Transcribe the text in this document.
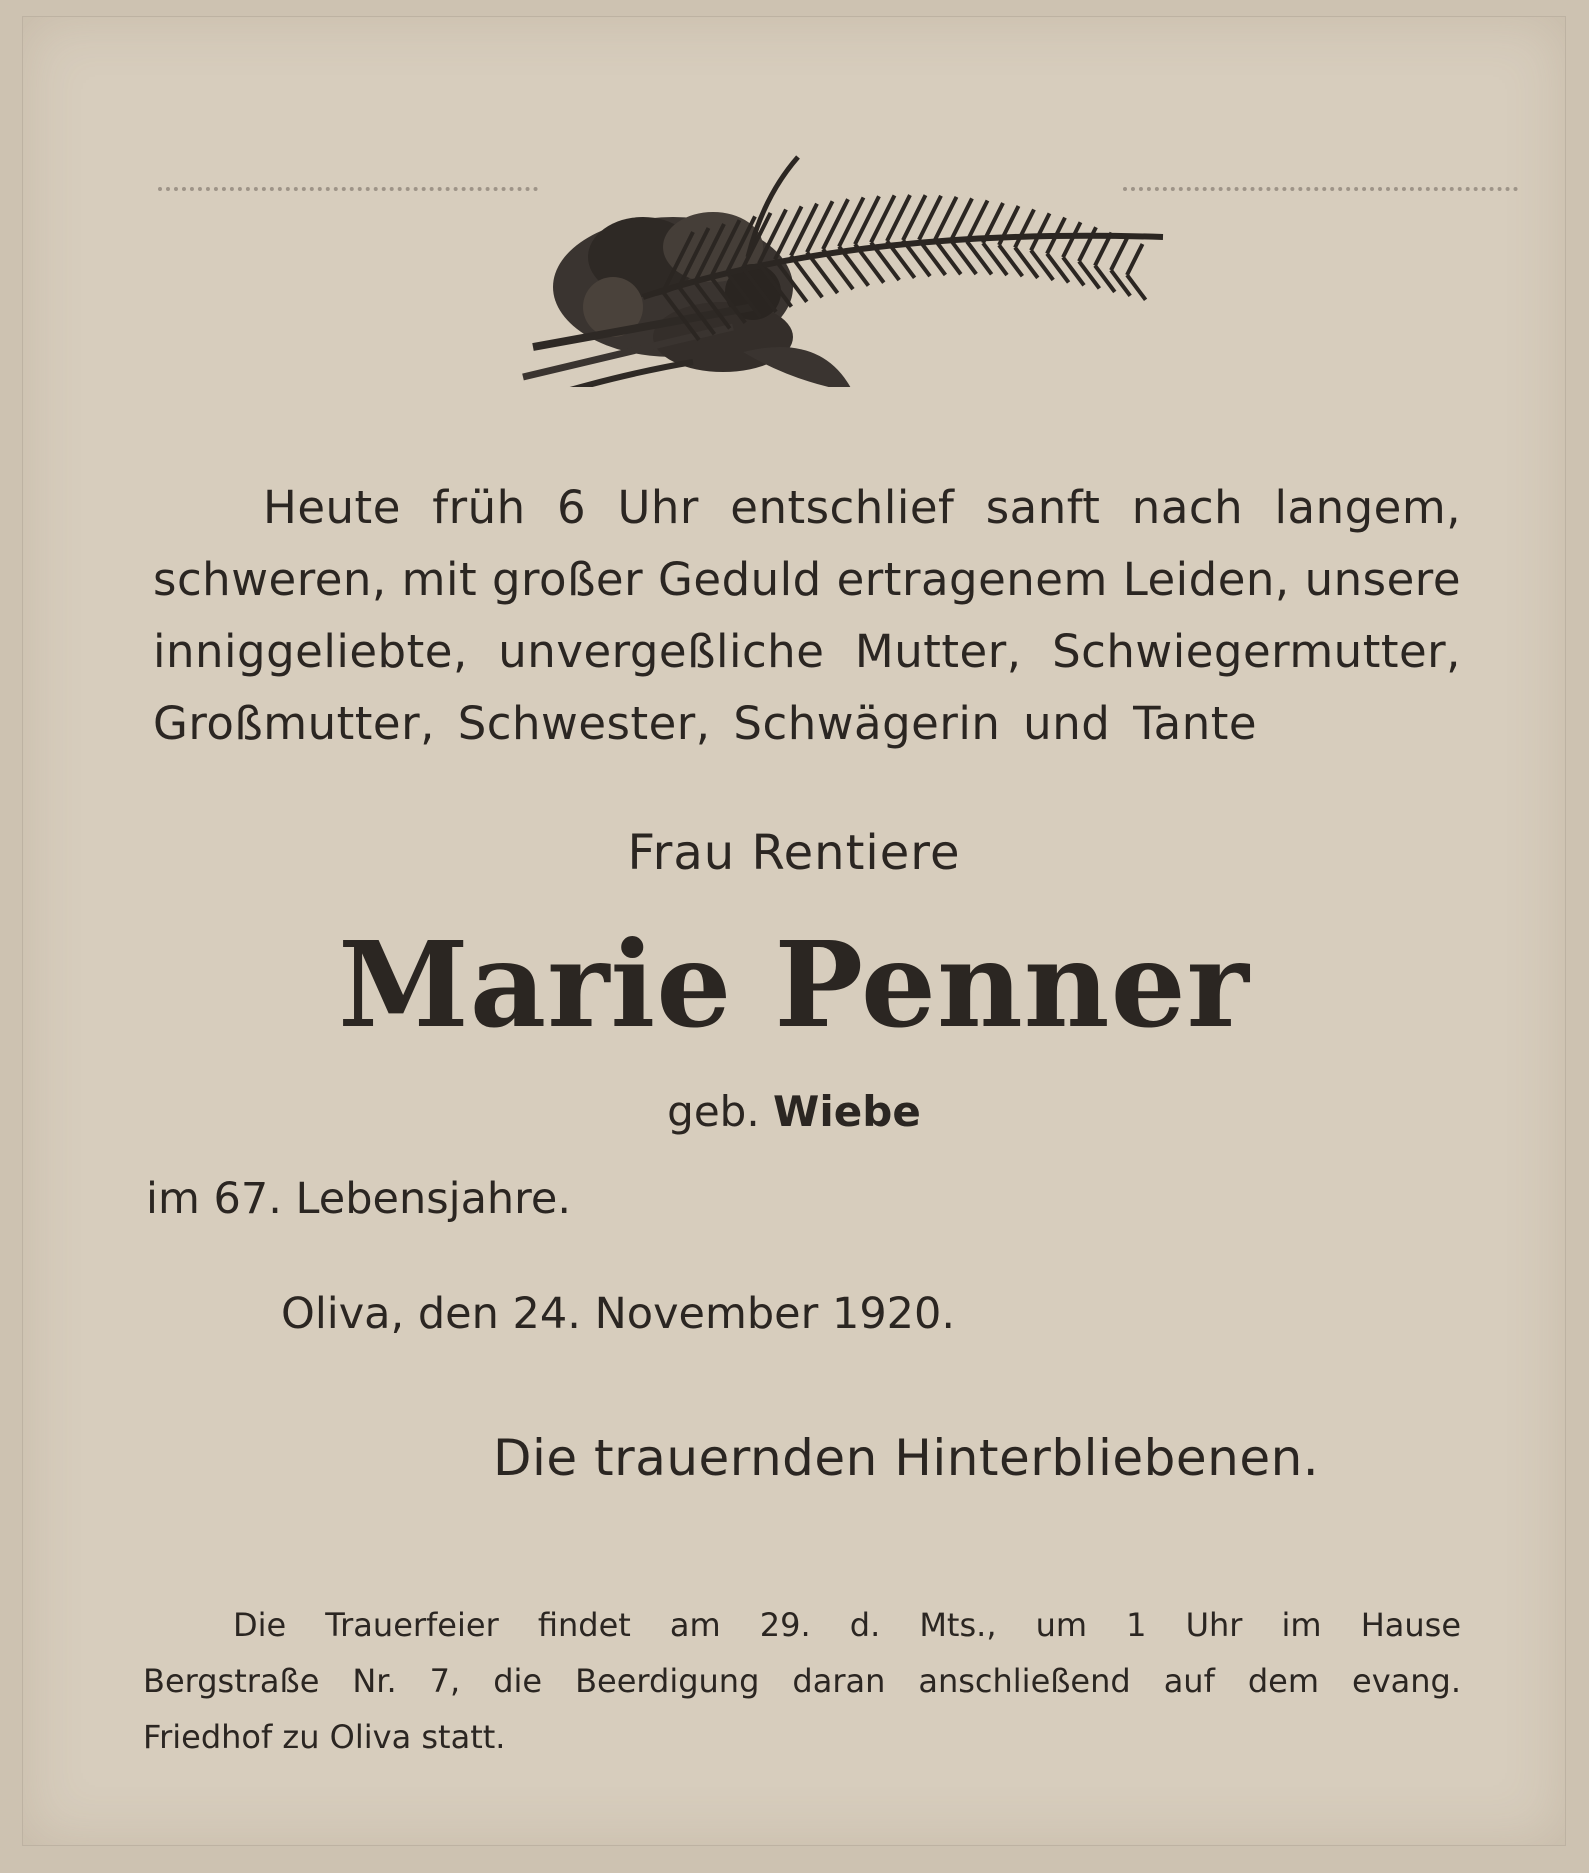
Heute früh 6 Uhr entschlief sanft nach langem,
schweren, mit großer Geduld ertragenem Leiden, unsere
inniggeliebte, unvergeßliche Mutter, Schwiegermutter,
Großmutter, Schwester, Schwägerin und Tante
Frau Rentiere
Marie Penner
geb. Wiebe
im 67. Lebensjahre.
Oliva, den 24. November 1920.
Die trauernden Hinterbliebenen.
Die Trauerfeier findet am 29. d. Mts., um 1 Uhr im Hause
Bergstraße Nr. 7, die Beerdigung daran anschließend auf dem evang.
Friedhof zu Oliva statt.
